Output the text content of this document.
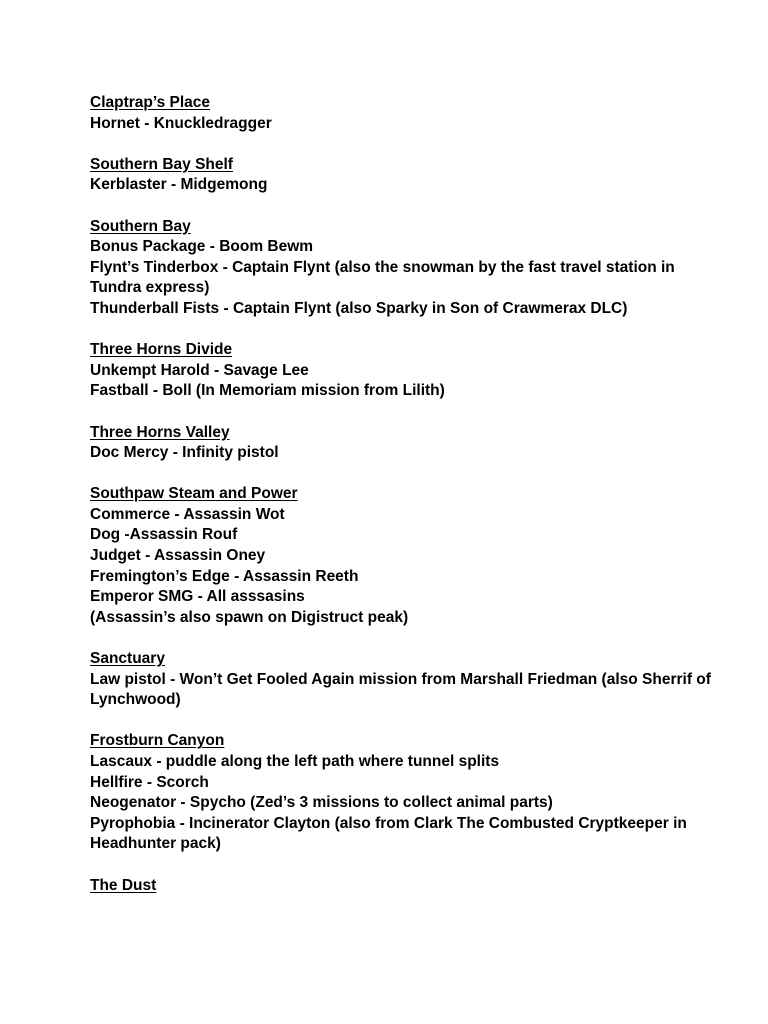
Claptrap’s Place
Hornet - Knuckledragger
Southern Bay Shelf
Kerblaster - Midgemong
Southern Bay
Bonus Package - Boom Bewm
Flynt’s Tinderbox - Captain Flynt (also the snowman by the fast travel station in Tundra express)
Thunderball Fists - Captain Flynt (also Sparky in Son of Crawmerax DLC)
Three Horns Divide
Unkempt Harold - Savage Lee
Fastball - Boll (In Memoriam mission from Lilith)
Three Horns Valley
Doc Mercy - Infinity pistol
Southpaw Steam and Power
Commerce - Assassin Wot
Dog -Assassin Rouf
Judget - Assassin Oney
Fremington’s Edge - Assassin Reeth
Emperor SMG - All asssasins
(Assassin’s also spawn on Digistruct peak)
Sanctuary
Law pistol - Won’t Get Fooled Again mission from Marshall Friedman (also Sherrif of Lynchwood)
Frostburn Canyon
Lascaux - puddle along the left path where tunnel splits
Hellfire - Scorch
Neogenator - Spycho (Zed’s 3 missions to collect animal parts)
Pyrophobia - Incinerator Clayton (also from Clark The Combusted Cryptkeeper in Headhunter pack)
The Dust
